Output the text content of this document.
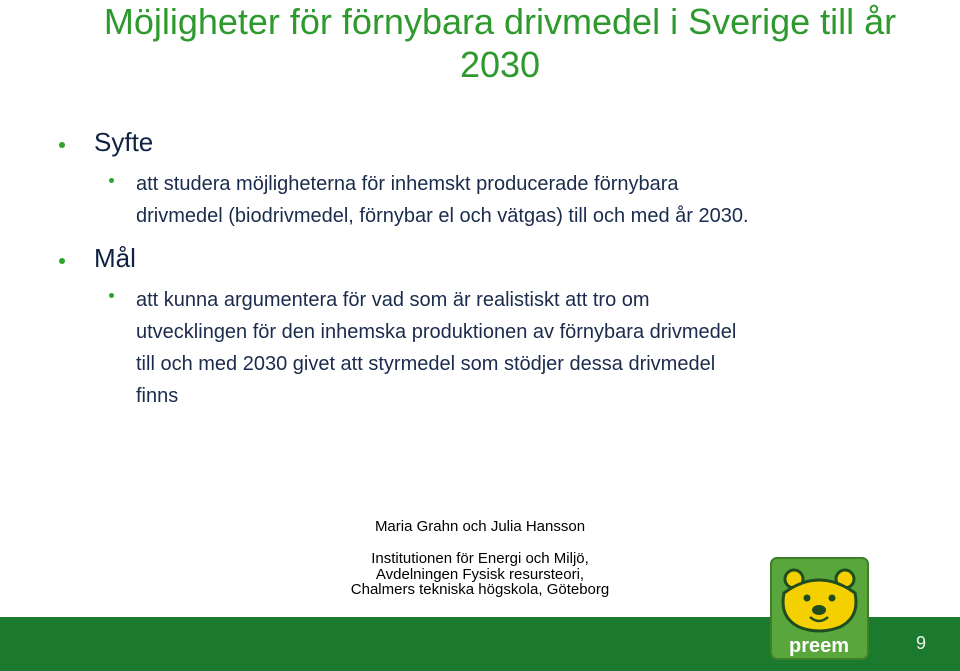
Möjligheter för förnybara drivmedel i Sverige till år 2030
Syfte
att studera möjligheterna för inhemskt producerade förnybara
drivmedel (biodrivmedel, förnybar el och vätgas) till och med år 2030.
Mål
att kunna argumentera för vad som är realistiskt att tro om
utvecklingen för den inhemska produktionen av förnybara drivmedel
till och med 2030 givet att styrmedel som stödjer dessa drivmedel
finns
Maria Grahn och Julia Hansson
Institutionen för Energi och Miljö,
Avdelningen Fysisk resursteori,
Chalmers tekniska högskola, Göteborg
9
preem
